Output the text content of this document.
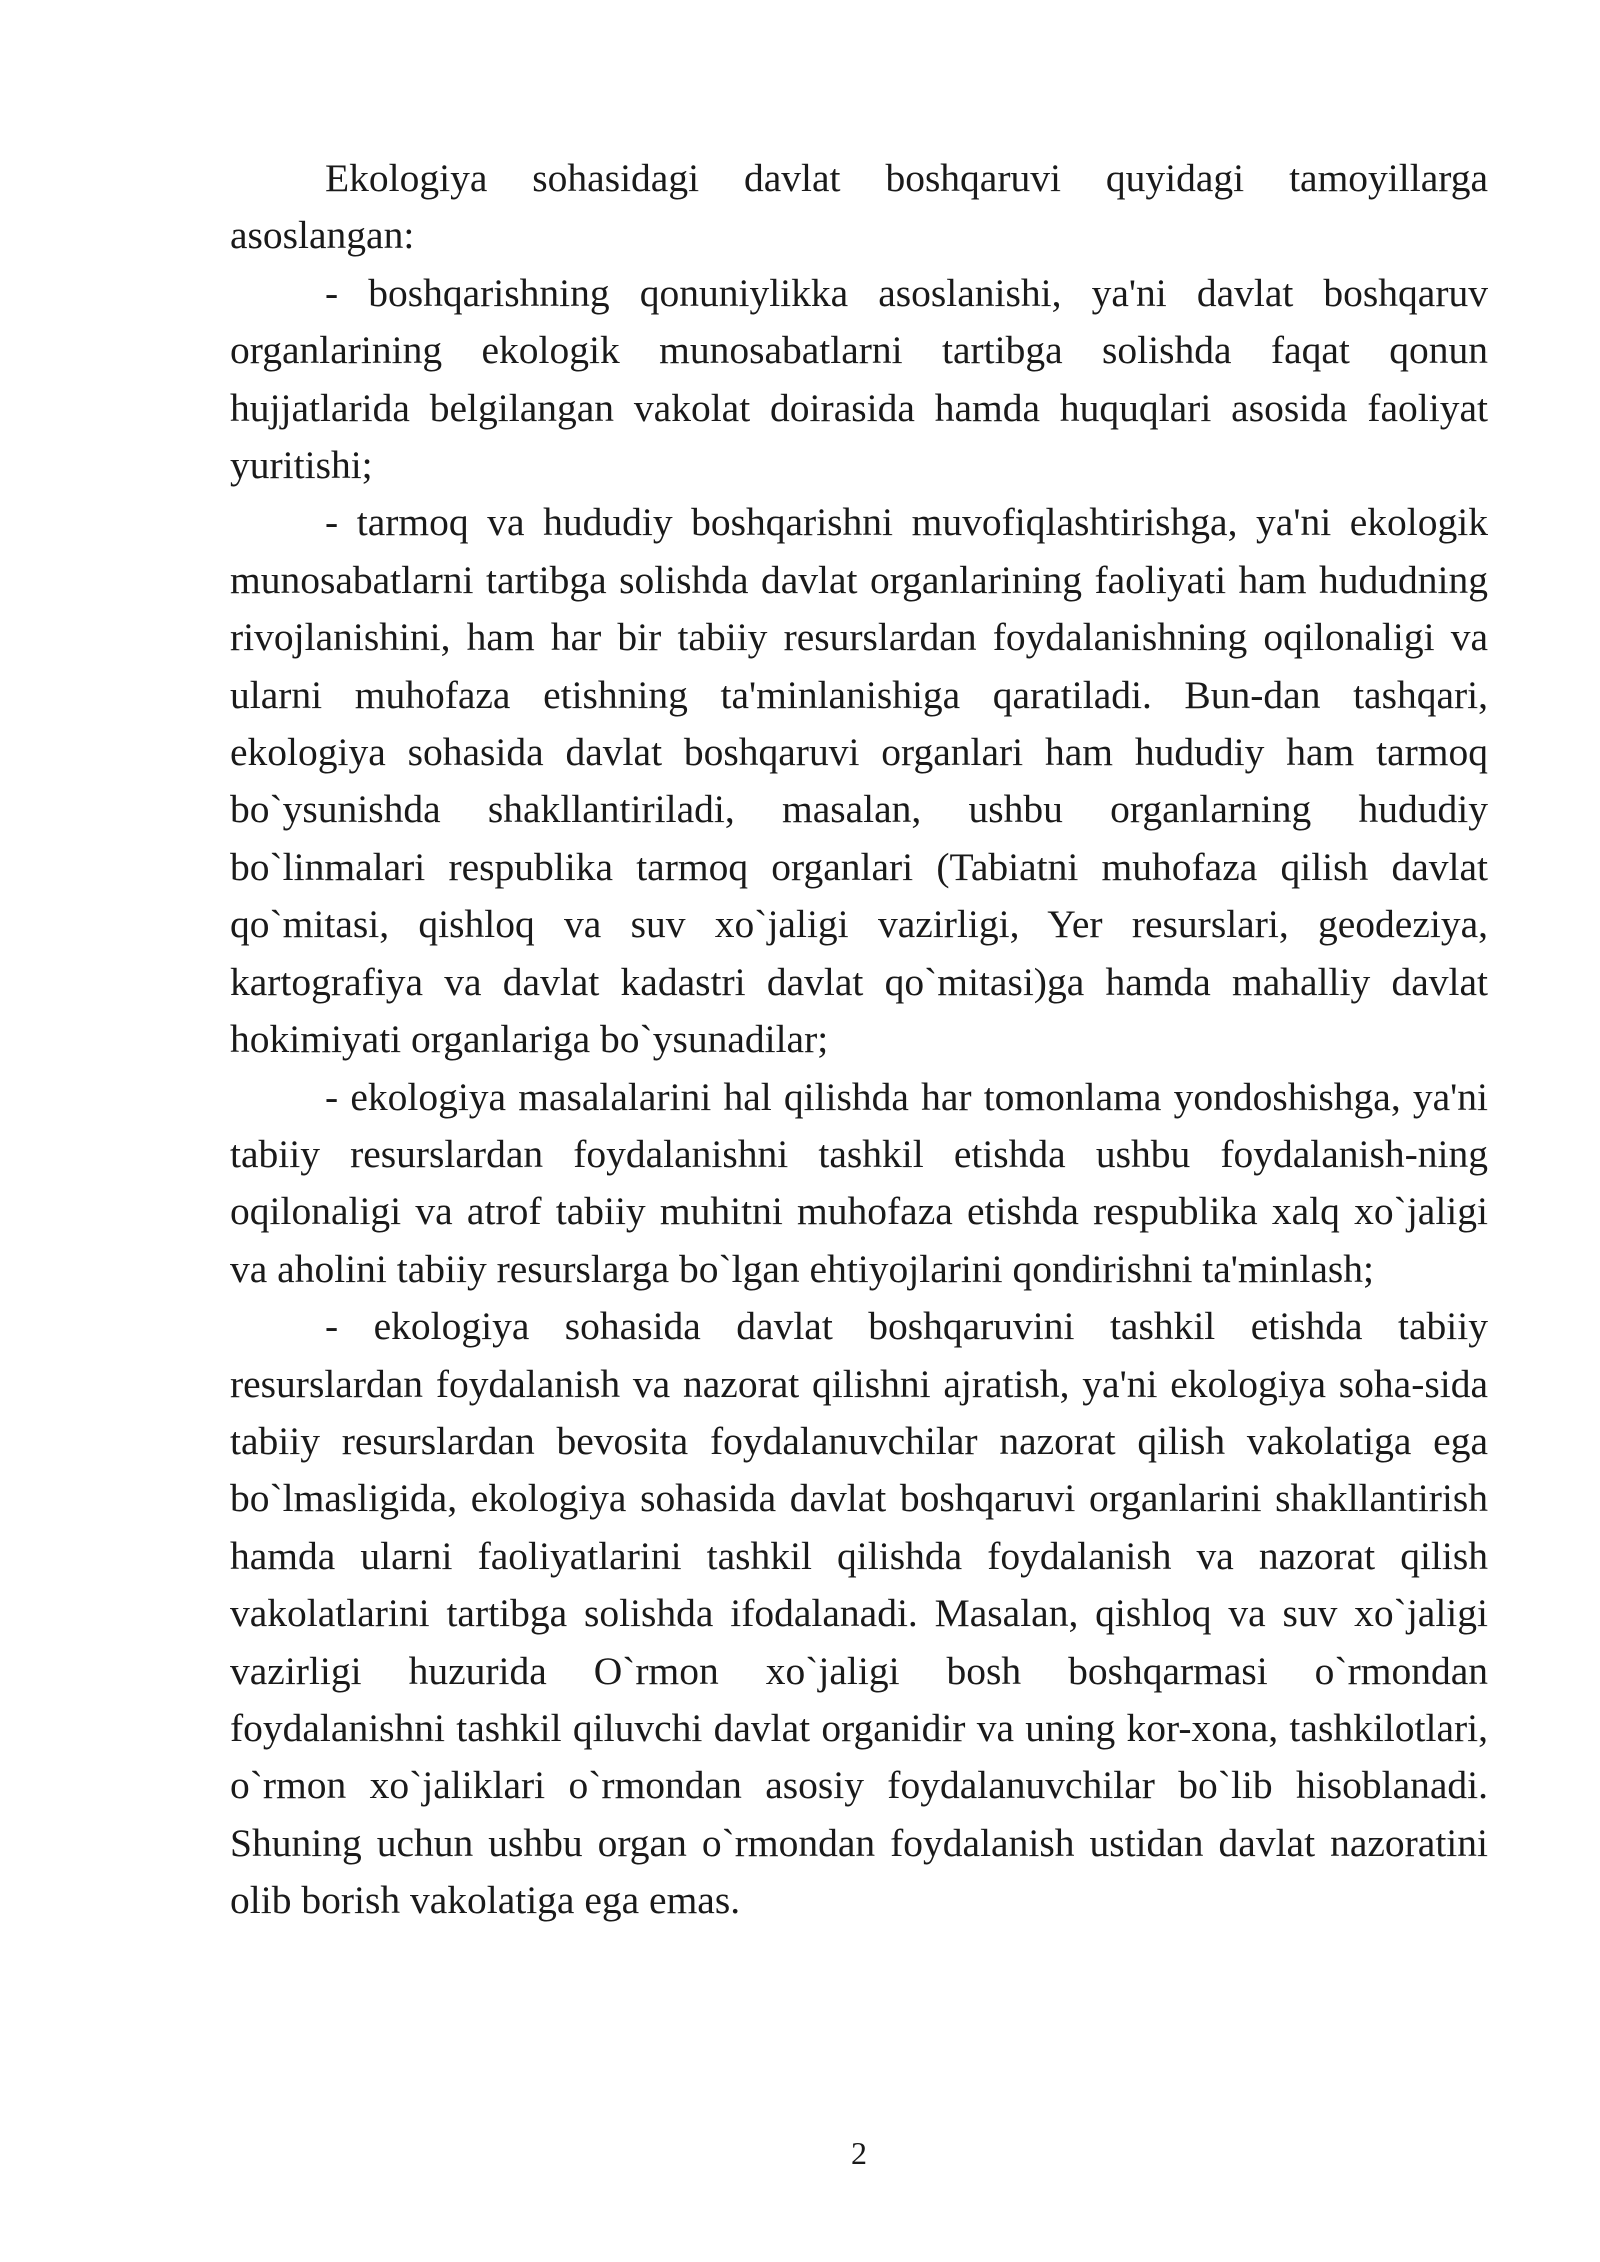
Ekologiya sohasidagi davlat boshqaruvi quyidagi tamoyillarga asoslangan:

- boshqarishning qonuniylikka asoslanishi, ya'ni davlat boshqaruv organlarining ekologik munosabatlarni tartibga solishda faqat qonun hujjatlarida belgilangan vakolat doirasida hamda huquqlari asosida faoliyat yuritishi;

- tarmoq va hududiy boshqarishni muvofiqlashtirishga, ya'ni ekologik munosabatlarni tartibga solishda davlat organlarining faoliyati ham hududning rivojlanishini, ham har bir tabiiy resurslardan foydalanishning oqilonaligi va ularni muhofaza etishning ta'minlanishiga qaratiladi. Bun-dan tashqari, ekologiya sohasida davlat boshqaruvi organlari ham hududiy ham tarmoq bo`ysunishda shakllantiriladi, masalan, ushbu organlarning hududiy bo`linmalari respublika tarmoq organlari (Tabiatni muhofaza qilish davlat qo`mitasi, qishloq va suv xo`jaligi vazirligi, Yer resurslari, geodeziya, kartografiya va davlat kadastri davlat qo`mitasi)ga hamda mahalliy davlat hokimiyati organlariga bo`ysunadilar;

- ekologiya masalalarini hal qilishda har tomonlama yondoshishga, ya'ni tabiiy resurslardan foydalanishni tashkil etishda ushbu foydalanish-ning oqilonaligi va atrof tabiiy muhitni muhofaza etishda respublika xalq xo`jaligi va aholini tabiiy resurslarga bo`lgan ehtiyojlarini qondirishni ta'minlash;

- ekologiya sohasida davlat boshqaruvini tashkil etishda tabiiy resurslardan foydalanish va nazorat qilishni ajratish, ya'ni ekologiya soha-sida tabiiy resurslardan bevosita foydalanuvchilar nazorat qilish vakolatiga ega bo`lmasligida, ekologiya sohasida davlat boshqaruvi organlarini shakllantirish hamda ularni faoliyatlarini tashkil qilishda foydalanish va nazorat qilish vakolatlarini tartibga solishda ifodalanadi. Masalan, qishloq va suv xo`jaligi vazirligi huzurida O`rmon xo`jaligi bosh boshqarmasi o`rmondan foydalanishni tashkil qiluvchi davlat organidir va uning kor-xona, tashkilotlari, o`rmon xo`jaliklari o`rmondan asosiy foydalanuvchilar bo`lib hisoblanadi. Shuning uchun ushbu organ o`rmondan foydalanish ustidan davlat nazoratini olib borish vakolatiga ega emas.

2
